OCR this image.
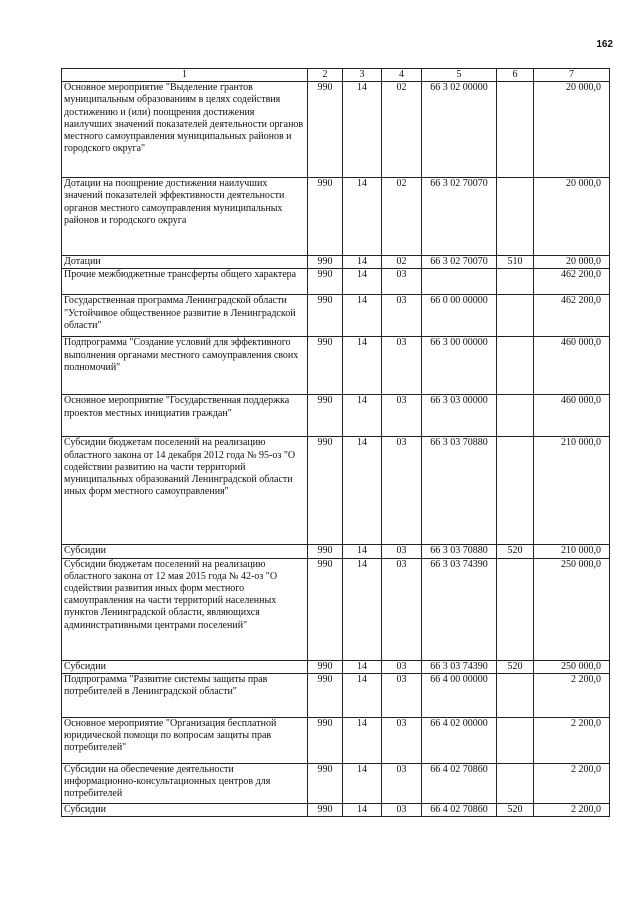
162
1	2	3	4	5	6	7
Основное мероприятие "Выделение грантов муниципальным образованиям в целях содействия достижению и (или) поощрения достижения наилучших значений показателей деятельности органов местного самоуправления муниципальных районов и городского округа"	990	14	02	66 3 02 00000		20 000,0
Дотации на поощрение достижения наилучших значений показателей эффективности деятельности органов местного самоуправления муниципальных районов и городского округа	990	14	02	66 3 02 70070		20 000,0
Дотации	990	14	02	66 3 02 70070	510	20 000,0
Прочие межбюджетные трансферты общего характера	990	14	03			462 200,0
Государственная программа Ленинградской области "Устойчивое общественное развитие в Ленинградской области"	990	14	03	66 0 00 00000		462 200,0
Подпрограмма "Создание условий для эффективного выполнения органами местного самоуправления своих полномочий"	990	14	03	66 3 00 00000		460 000,0
Основное мероприятие "Государственная поддержка проектов местных инициатив граждан"	990	14	03	66 3 03 00000		460 000,0
Субсидии бюджетам поселений на реализацию областного закона от 14 декабря 2012 года № 95-оз "О содействии развитию на части территорий муниципальных образований Ленинградской области иных форм местного самоуправления"	990	14	03	66 3 03 70880		210 000,0
Субсидии	990	14	03	66 3 03 70880	520	210 000,0
Субсидии бюджетам поселений на реализацию областного закона от 12 мая 2015 года № 42-оз "О содействии развития иных форм местного самоуправления на части территорий населенных пунктов Ленинградской области, являющихся административными центрами поселений"	990	14	03	66 3 03 74390		250 000,0
Субсидии	990	14	03	66 3 03 74390	520	250 000,0
Подпрограмма "Развитие системы защиты прав потребителей в Ленинградской области"	990	14	03	66 4 00 00000		2 200,0
Основное мероприятие "Организация бесплатной юридической помощи по вопросам защиты прав потребителей"	990	14	03	66 4 02 00000		2 200,0
Субсидии на обеспечение деятельности информационно-консультационных центров для потребителей	990	14	03	66 4 02 70860		2 200,0
Субсидии	990	14	03	66 4 02 70860	520	2 200,0
